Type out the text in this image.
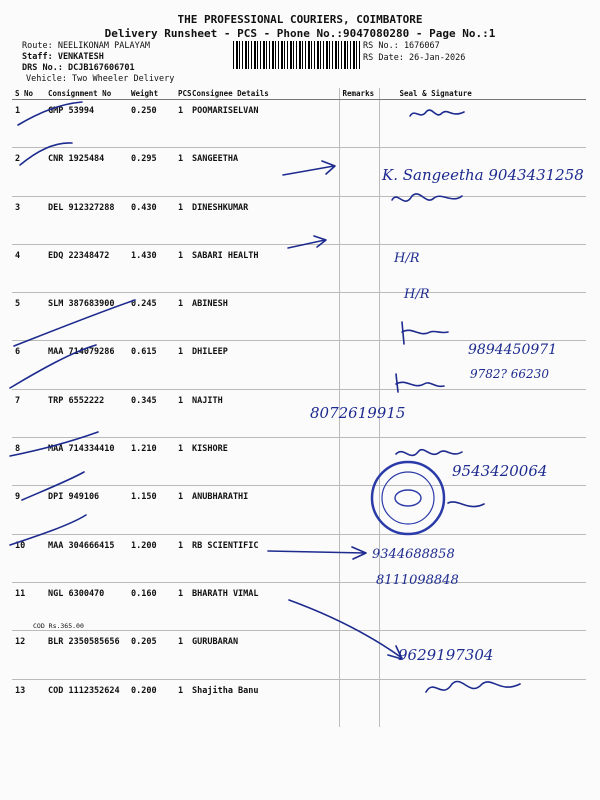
THE PROFESSIONAL COURIERS, COIMBATORE
Delivery Runsheet - PCS - Phone No.:9047080280 - Page No.:1
Route: NEELIKONAM PALAYAM
Staff: VENKATESH
DRS No.: DCJB167606701
Vehicle: Two Wheeler Delivery
RS No.: 1676067
RS Date: 26-Jan-2026
S No	Consignment No	Weight	PCS	Consignee Details	Remarks	Seal & Signature
1	GMP 53994	0.250	1	POOMARISELVAN		
2	CNR 1925484	0.295	1	SANGEETHA		
3	DEL 912327288	0.430	1	DINESHKUMAR		
4	EDQ 22348472	1.430	1	SABARI HEALTH		
5	SLM 387683900	0.245	1	ABINESH		
6	MAA 714079286	0.615	1	DHILEEP		
7	TRP 6552222	0.345	1	NAJITH		
8	MAA 714334410	1.210	1	KISHORE		
9	DPI 949106	1.150	1	ANUBHARATHI		
10	MAA 304666415	1.200	1	RB SCIENTIFIC		
11	NGL 6300470	0.160	1	BHARATH VIMAL		
12	BLR 2350585656	0.205	1	GURUBARAN		
13	COD 1112352624	0.200	1	Shajitha Banu		
COD Rs.365.00
K. Sangeetha 9043431258
H/R
H/R
9894450971
9782? 66230
8072619915
9543420064
9344688858
8111098848
9629197304
